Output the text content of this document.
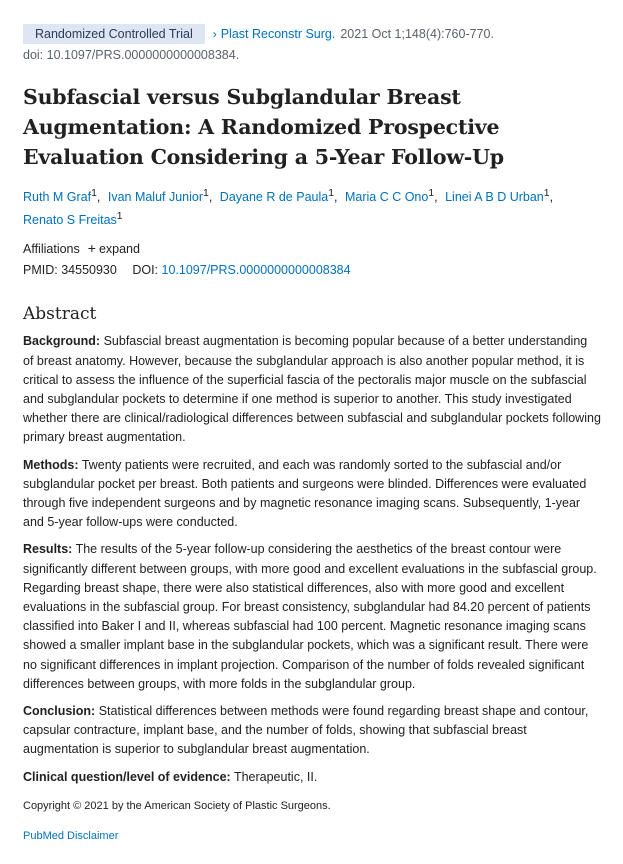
Randomized Controlled Trial	› Plast Reconstr Surg. 2021 Oct 1;148(4):760-770.
doi: 10.1097/PRS.0000000000008384.
Subfascial versus Subglandular Breast Augmentation: A Randomized Prospective Evaluation Considering a 5-Year Follow-Up
Ruth M Graf$^1$, Ivan Maluf Junior$^1$, Dayane R de Paula$^1$, Maria C C Ono$^1$, Linei A B D Urban$^1$,
Renato S Freitas$^1$
Affiliations + expand
PMID: 34550930 DOI: 10.1097/PRS.0000000000008384
Abstract
Background: Subfascial breast augmentation is becoming popular because of a better understanding of breast anatomy. However, because the subglandular approach is also another popular method, it is critical to assess the influence of the superficial fascia of the pectoralis major muscle on the subfascial and subglandular pockets to determine if one method is superior to another. This study investigated whether there are clinical/radiological differences between subfascial and subglandular pockets following primary breast augmentation.
Methods: Twenty patients were recruited, and each was randomly sorted to the subfascial and/or subglandular pocket per breast. Both patients and surgeons were blinded. Differences were evaluated through five independent surgeons and by magnetic resonance imaging scans. Subsequently, 1-year and 5-year follow-ups were conducted.
Results: The results of the 5-year follow-up considering the aesthetics of the breast contour were significantly different between groups, with more good and excellent evaluations in the subfascial group. Regarding breast shape, there were also statistical differences, also with more good and excellent evaluations in the subfascial group. For breast consistency, subglandular had 84.20 percent of patients classified into Baker I and II, whereas subfascial had 100 percent. Magnetic resonance imaging scans showed a smaller implant base in the subglandular pockets, which was a significant result. There were no significant differences in implant projection. Comparison of the number of folds revealed significant differences between groups, with more folds in the subglandular group.
Conclusion: Statistical differences between methods were found regarding breast shape and contour, capsular contracture, implant base, and the number of folds, showing that subfascial breast augmentation is superior to subglandular breast augmentation.
Clinical question/level of evidence: Therapeutic, II.
Copyright © 2021 by the American Society of Plastic Surgeons.
PubMed Disclaimer
